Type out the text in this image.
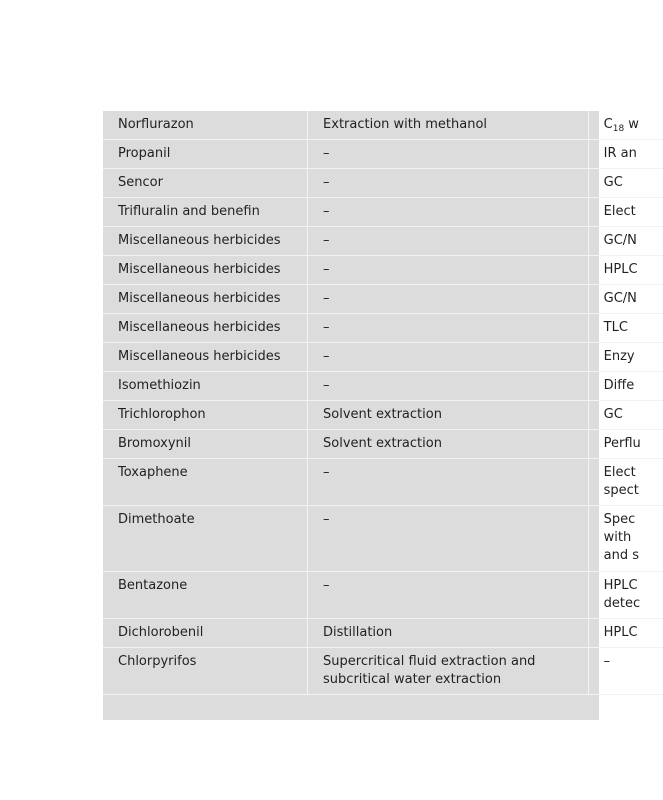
Norflurazon	Extraction with methanol	$C_{18}$ w
Propanil	–	IR an
Sencor	–	GC
Trifluralin and benefin	–	Elect
Miscellaneous herbicides	–	GC/N
Miscellaneous herbicides	–	HPLC
Miscellaneous herbicides	–	GC/N
Miscellaneous herbicides	–	TLC
Miscellaneous herbicides	–	Enzy
Isomethiozin	–	Diffe
Trichlorophon	Solvent extraction	GC
Bromoxynil	Solvent extraction	Perflu
Toxaphene	–	Elect spect
Dimethoate	–	Spec with and s
Bentazone	–	HPLC detec
Dichlorobenil	Distillation	HPLC
Chlorpyrifos	Supercritical fluid extraction and subcritical water extraction	–
